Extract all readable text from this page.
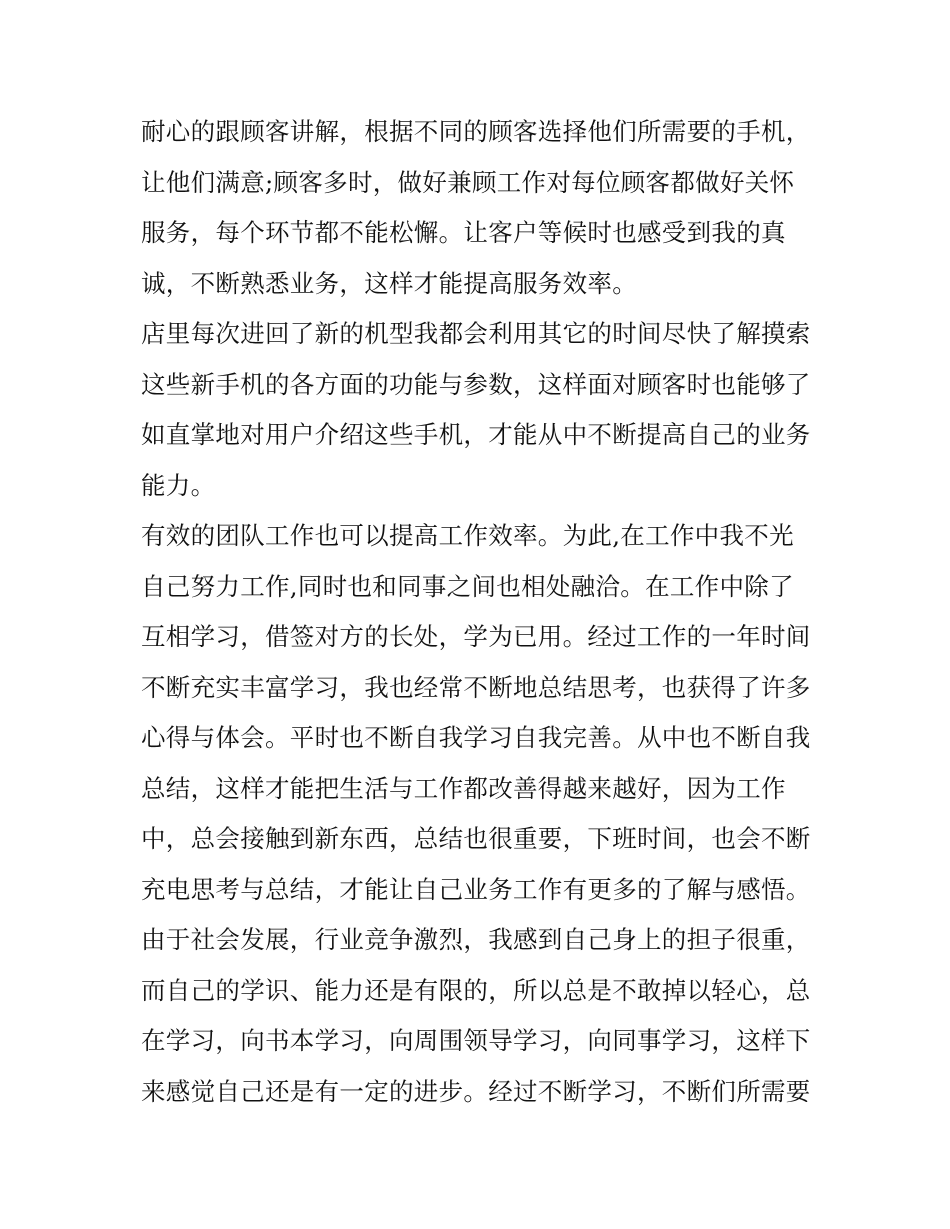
耐心的跟顾客讲解，根据不同的顾客选择他们所需要的手机，
让他们满意;顾客多时，做好兼顾工作对每位顾客都做好关怀
服务，每个环节都不能松懈。让客户等候时也感受到我的真
诚，不断熟悉业务，这样才能提高服务效率。
店里每次进回了新的机型我都会利用其它的时间尽快了解摸索
这些新手机的各方面的功能与参数，这样面对顾客时也能够了
如直掌地对用户介绍这些手机，才能从中不断提高自己的业务
能力。
有效的团队工作也可以提高工作效率。为此,在工作中我不光
自己努力工作,同时也和同事之间也相处融洽。在工作中除了
互相学习，借签对方的长处，学为已用。经过工作的一年时间
不断充实丰富学习，我也经常不断地总结思考，也获得了许多
心得与体会。平时也不断自我学习自我完善。从中也不断自我
总结，这样才能把生活与工作都改善得越来越好，因为工作
中，总会接触到新东西，总结也很重要，下班时间，也会不断
充电思考与总结，才能让自己业务工作有更多的了解与感悟。
由于社会发展，行业竞争激烈，我感到自己身上的担子很重，
而自己的学识、能力还是有限的，所以总是不敢掉以轻心，总
在学习，向书本学习，向周围领导学习，向同事学习，这样下
来感觉自己还是有一定的进步。经过不断学习，不断们所需要
